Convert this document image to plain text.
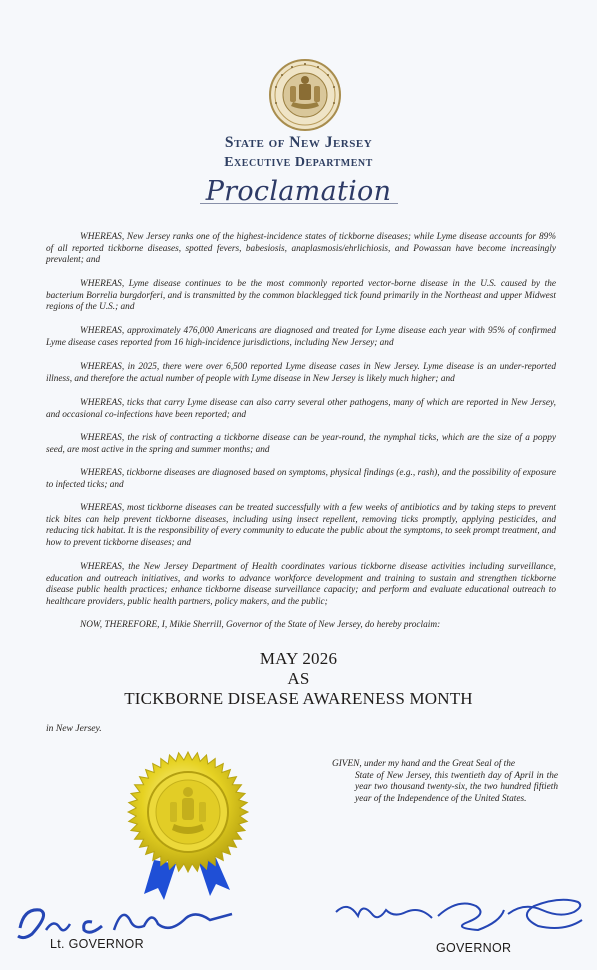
State of New Jersey
Executive Department
Proclamation
WHEREAS, New Jersey ranks one of the highest-incidence states of tickborne diseases; while Lyme disease accounts for 89% of all reported tickborne diseases, spotted fevers, babesiosis, anaplasmosis/ehrlichiosis, and Powassan have become increasingly prevalent; and
WHEREAS, Lyme disease continues to be the most commonly reported vector-borne disease in the U.S. caused by the bacterium Borrelia burgdorferi, and is transmitted by the common blacklegged tick found primarily in the Northeast and upper Midwest regions of the U.S.; and
WHEREAS, approximately 476,000 Americans are diagnosed and treated for Lyme disease each year with 95% of confirmed Lyme disease cases reported from 16 high-incidence jurisdictions, including New Jersey; and
WHEREAS, in 2025, there were over 6,500 reported Lyme disease cases in New Jersey. Lyme disease is an under-reported illness, and therefore the actual number of people with Lyme disease in New Jersey is likely much higher; and
WHEREAS, ticks that carry Lyme disease can also carry several other pathogens, many of which are reported in New Jersey, and occasional co-infections have been reported; and
WHEREAS, the risk of contracting a tickborne disease can be year-round, the nymphal ticks, which are the size of a poppy seed, are most active in the spring and summer months; and
WHEREAS, tickborne diseases are diagnosed based on symptoms, physical findings (e.g., rash), and the possibility of exposure to infected ticks; and
WHEREAS, most tickborne diseases can be treated successfully with a few weeks of antibiotics and by taking steps to prevent tick bites can help prevent tickborne diseases, including using insect repellent, removing ticks promptly, applying pesticides, and reducing tick habitat. It is the responsibility of every community to educate the public about the symptoms, to seek prompt treatment, and how to prevent tickborne diseases; and
WHEREAS, the New Jersey Department of Health coordinates various tickborne disease activities including surveillance, education and outreach initiatives, and works to advance workforce development and training to sustain and strengthen tickborne disease public health practices; enhance tickborne disease surveillance capacity; and perform and evaluate educational outreach to healthcare providers, public health partners, policy makers, and the public;
NOW, THEREFORE, I, Mikie Sherrill, Governor of the State of New Jersey, do hereby proclaim:
MAY 2026
AS
TICKBORNE DISEASE AWARENESS MONTH
in New Jersey.
GIVEN, under my hand and the Great Seal of the
State of New Jersey, this twentieth day of April in the year two thousand twenty-six, the two hundred fiftieth year of the Independence of the United States.
Lt. GOVERNOR	GOVERNOR
